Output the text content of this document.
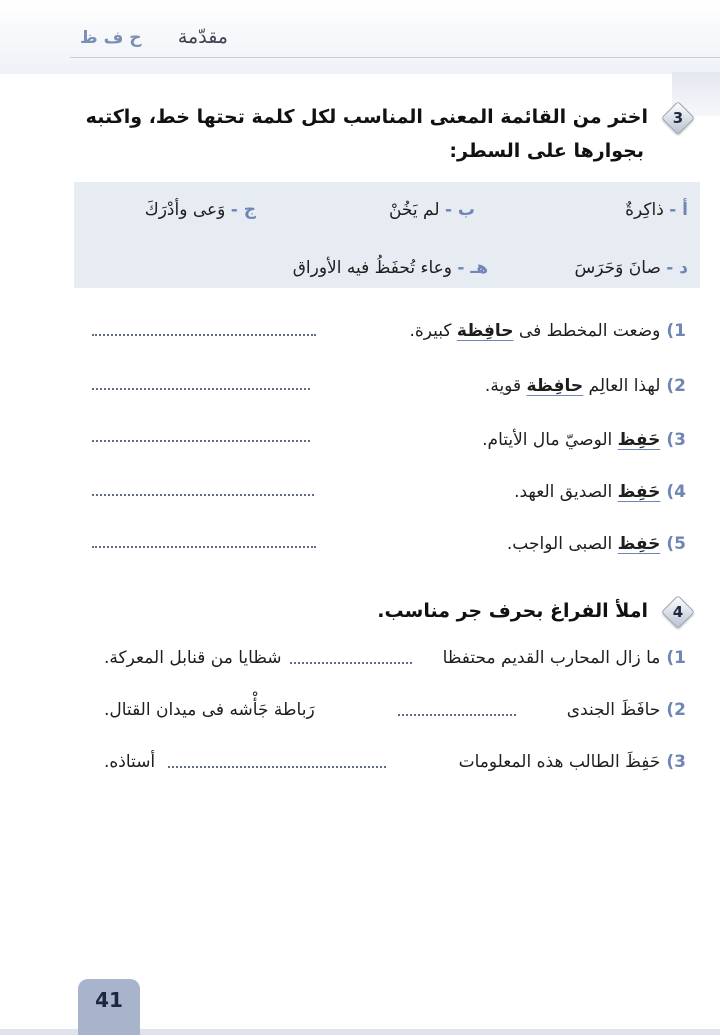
مقدّمة
ح ف ظ
3
اختر من القائمة المعنى المناسب لكل كلمة تحتها خط، واكتبه
بجوارها على السطر:
أ - ذاكِرةٌ
ب - لم يَخُنْ
ج - وَعى وأدْرَكَ
د - صانَ وَحَرَسَ
هـ - وعاء تُحفَظُ فيه الأوراق
1)وضعت المخطط فى حافِظة كبيرة.
2)لهذا العالِم حافِظة قوية.
3)حَفِظ الوصيّ مال الأيتام.
4)حَفِظ الصديق العهد.
5)حَفِظ الصبى الواجب.
4
املأ الفراغ بحرف جر مناسب.
1)ما زال المحارب القديم محتفظا
شظايا من قنابل المعركة.
2)حافَظَ الجندى
رَباطة جَأْشه فى ميدان القتال.
3)حَفِظَ الطالب هذه المعلومات
أستاذه.
41
